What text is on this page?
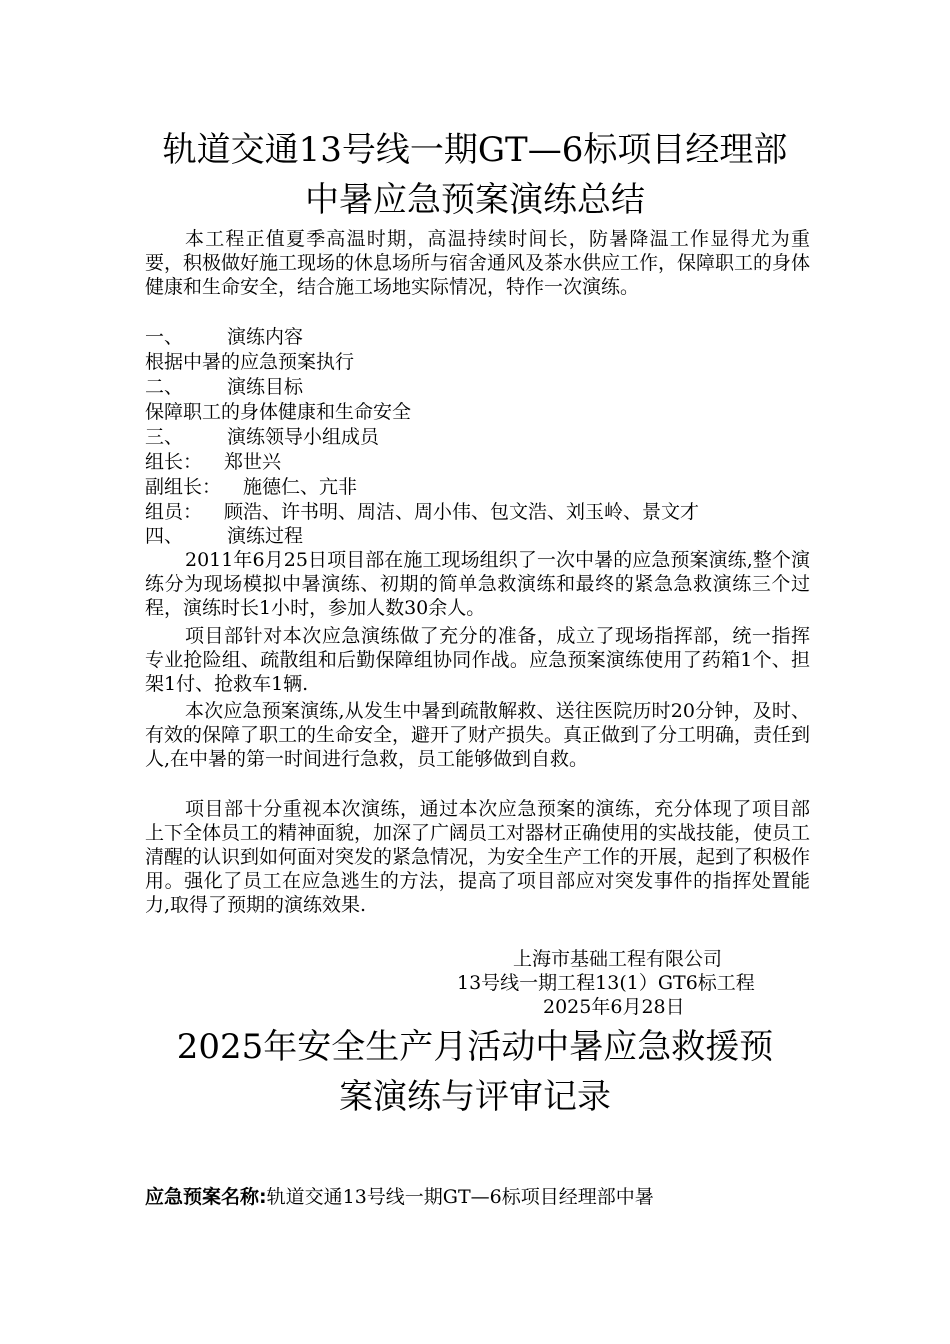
轨道交通13号线一期GT—6标项目经理部
中暑应急预案演练总结
本工程正值夏季高温时期，高温持续时间长，防暑降温工作显得尤为重要，积极做好施工现场的休息场所与宿舍通风及茶水供应工作，保障职工的身体健康和生命安全，结合施工场地实际情况，特作一次演练。
一、 演练内容
根据中暑的应急预案执行
二、 演练目标
保障职工的身体健康和生命安全
三、 演练领导小组成员
组长： 郑世兴
副组长： 施德仁、亢非
组员： 顾浩、许书明、周洁、周小伟、包文浩、刘玉岭、景文才
四、 演练过程
2011年6月25日项目部在施工现场组织了一次中暑的应急预案演练,整个演练分为现场模拟中暑演练、初期的简单急救演练和最终的紧急急救演练三个过程，演练时长1小时，参加人数30余人。
项目部针对本次应急演练做了充分的准备，成立了现场指挥部，统一指挥专业抢险组、疏散组和后勤保障组协同作战。应急预案演练使用了药箱1个、担架1付、抢救车1辆.
本次应急预案演练,从发生中暑到疏散解救、送往医院历时20分钟，及时、有效的保障了职工的生命安全，避开了财产损失。真正做到了分工明确，责任到人,在中暑的第一时间进行急救，员工能够做到自救。
项目部十分重视本次演练，通过本次应急预案的演练，充分体现了项目部上下全体员工的精神面貌，加深了广阔员工对器材正确使用的实战技能，使员工清醒的认识到如何面对突发的紧急情况，为安全生产工作的开展，起到了积极作用。强化了员工在应急逃生的方法，提高了项目部应对突发事件的指挥处置能力,取得了预期的演练效果.
上海市基础工程有限公司
13号线一期工程13(1）GT6标工程
2025年6月28日
2025年安全生产月活动中暑应急救援预
案演练与评审记录
应急预案名称:轨道交通13号线一期GT—6标项目经理部中暑
